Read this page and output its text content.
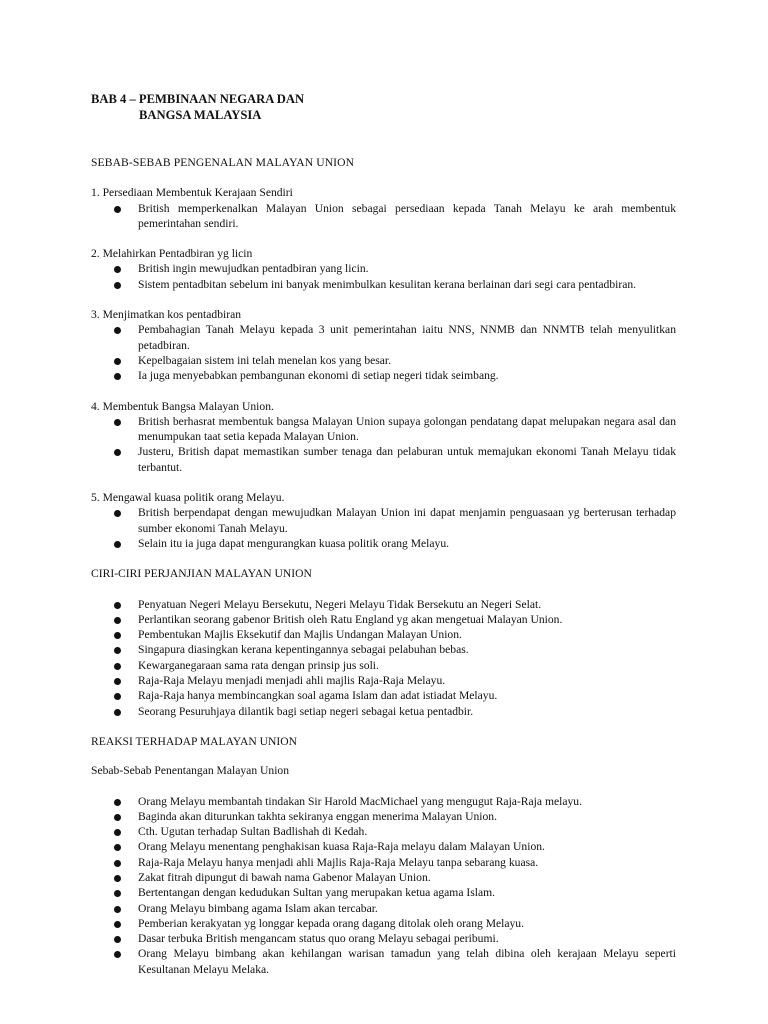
BAB 4 – PEMBINAAN NEGARA DAN
BANGSA MALAYSIA
SEBAB-SEBAB PENGENALAN MALAYAN UNION
1. Persediaan Membentuk Kerajaan Sendiri
British memperkenalkan Malayan Union sebagai persediaan kepada Tanah Melayu ke arah membentuk pemerintahan sendiri.
2. Melahirkan Pentadbiran yg licin
British ingin mewujudkan pentadbiran yang licin.
Sistem pentadbitan sebelum ini banyak menimbulkan kesulitan kerana berlainan dari segi cara pentadbiran.
3. Menjimatkan kos pentadbiran
Pembahagian Tanah Melayu kepada 3 unit pemerintahan iaitu NNS, NNMB dan NNMTB telah menyulitkan petadbiran.
Kepelbagaian sistem ini telah menelan kos yang besar.
Ia juga menyebabkan pembangunan ekonomi di setiap negeri tidak seimbang.
4. Membentuk Bangsa Malayan Union.
British berhasrat membentuk bangsa Malayan Union supaya golongan pendatang dapat melupakan negara asal dan menumpukan taat setia kepada Malayan Union.
Justeru, British dapat memastikan sumber tenaga dan pelaburan untuk memajukan ekonomi Tanah Melayu tidak terbantut.
5. Mengawal kuasa politik orang Melayu.
British berpendapat dengan mewujudkan Malayan Union ini dapat menjamin penguasaan yg berterusan terhadap sumber ekonomi Tanah Melayu.
Selain itu ia juga dapat mengurangkan kuasa politik orang Melayu.
CIRI-CIRI PERJANJIAN MALAYAN UNION
Penyatuan Negeri Melayu Bersekutu, Negeri Melayu Tidak Bersekutu an Negeri Selat.
Perlantikan seorang gabenor British oleh Ratu England yg akan mengetuai Malayan Union.
Pembentukan Majlis Eksekutif dan Majlis Undangan Malayan Union.
Singapura diasingkan kerana kepentingannya sebagai pelabuhan bebas.
Kewarganegaraan sama rata dengan prinsip jus soli.
Raja-Raja Melayu menjadi menjadi ahli majlis Raja-Raja Melayu.
Raja-Raja hanya membincangkan soal agama Islam dan adat istiadat Melayu.
Seorang Pesuruhjaya dilantik bagi setiap negeri sebagai ketua pentadbir.
REAKSI TERHADAP MALAYAN UNION
Sebab-Sebab Penentangan Malayan Union
Orang Melayu membantah tindakan Sir Harold MacMichael yang mengugut Raja-Raja melayu.
Baginda akan diturunkan takhta sekiranya enggan menerima Malayan Union.
Cth. Ugutan terhadap Sultan Badlishah di Kedah.
Orang Melayu menentang penghakisan kuasa Raja-Raja melayu dalam Malayan Union.
Raja-Raja Melayu hanya menjadi ahli Majlis Raja-Raja Melayu tanpa sebarang kuasa.
Zakat fitrah dipungut di bawah nama Gabenor Malayan Union.
Bertentangan dengan kedudukan Sultan yang merupakan ketua agama Islam.
Orang Melayu bimbang agama Islam akan tercabar.
Pemberian kerakyatan yg longgar kepada orang dagang ditolak oleh orang Melayu.
Dasar terbuka British mengancam status quo orang Melayu sebagai peribumi.
Orang Melayu bimbang akan kehilangan warisan tamadun yang telah dibina oleh kerajaan Melayu seperti Kesultanan Melayu Melaka.
